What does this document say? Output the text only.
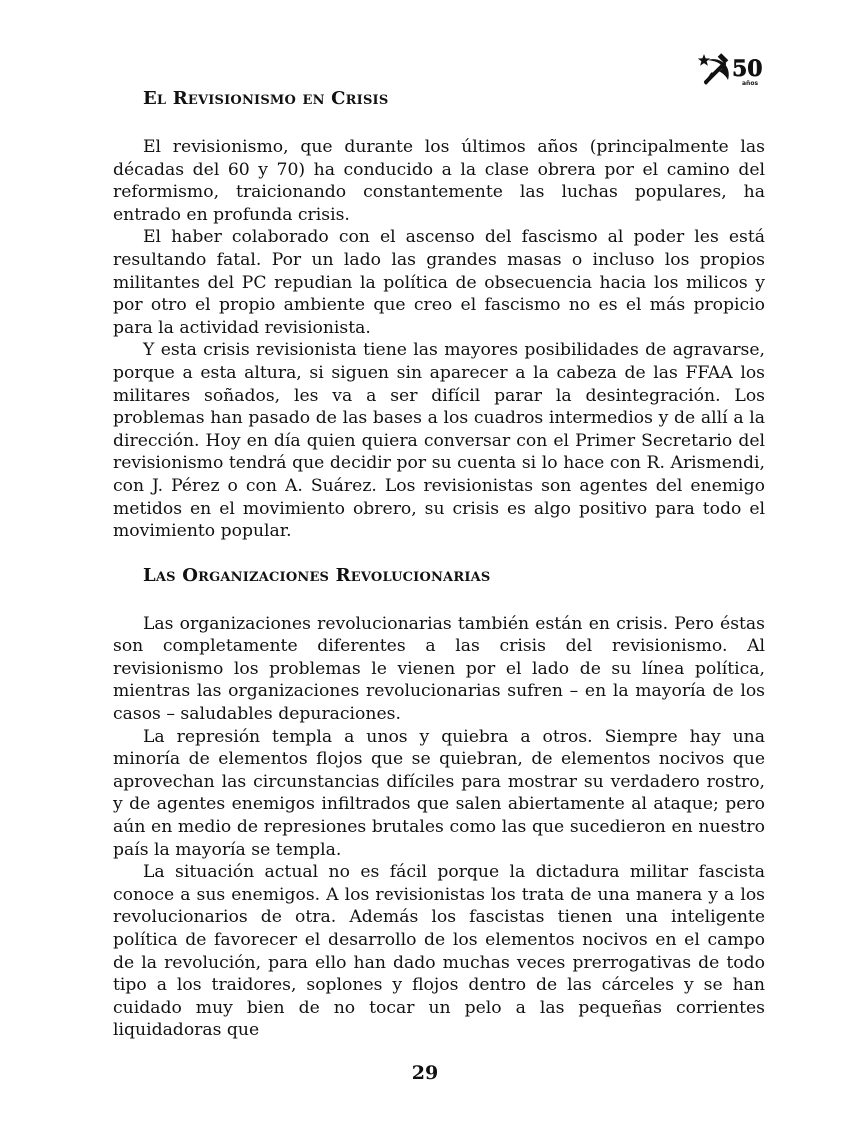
50
años
El Revisionismo en Crisis

El revisionismo, que durante los últimos años (principalmente las décadas del 60 y 70) ha conducido a la clase obrera por el camino del reformismo, traicionando constantemente las luchas populares, ha entrado en profunda crisis.

El haber colaborado con el ascenso del fascismo al poder les está resultando fatal. Por un lado las grandes masas o incluso los propios militantes del PC repudian la política de obsecuencia hacia los milicos y por otro el propio ambiente que creo el fascismo no es el más propicio para la actividad revisionista.

Y esta crisis revisionista tiene las mayores posibilidades de agravarse, porque a esta altura, si siguen sin aparecer a la cabeza de las FFAA los militares soñados, les va a ser difícil parar la desintegración. Los problemas han pasado de las bases a los cuadros intermedios y de allí a la dirección. Hoy en día quien quiera conversar con el Primer Secretario del revisionismo tendrá que decidir por su cuenta si lo hace con R. Arismendi, con J. Pérez o con A. Suárez. Los revisionistas son agentes del enemigo metidos en el movimiento obrero, su crisis es algo positivo para todo el movimiento popular.

Las Organizaciones Revolucionarias

Las organizaciones revolucionarias también están en crisis. Pero éstas son completamente diferentes a las crisis del revisionismo. Al revisionismo los problemas le vienen por el lado de su línea política, mientras las organizaciones revolucionarias sufren – en la mayoría de los casos – saludables depuraciones.

La represión templa a unos y quiebra a otros. Siempre hay una minoría de elementos flojos que se quiebran, de elementos nocivos que aprovechan las circunstancias difíciles para mostrar su verdadero rostro, y de agentes enemigos infiltrados que salen abiertamente al ataque; pero aún en medio de represiones brutales como las que sucedieron en nuestro país la mayoría se templa.

La situación actual no es fácil porque la dictadura militar fascista conoce a sus enemigos. A los revisionistas los trata de una manera y a los revolucionarios de otra. Además los fascistas tienen una inteligente política de favorecer el desarrollo de los elementos nocivos en el campo de la revolución, para ello han dado muchas veces prerrogativas de todo tipo a los traidores, soplones y flojos dentro de las cárceles y se han cuidado muy bien de no tocar un pelo a las pequeñas corrientes liquidadoras que

29
